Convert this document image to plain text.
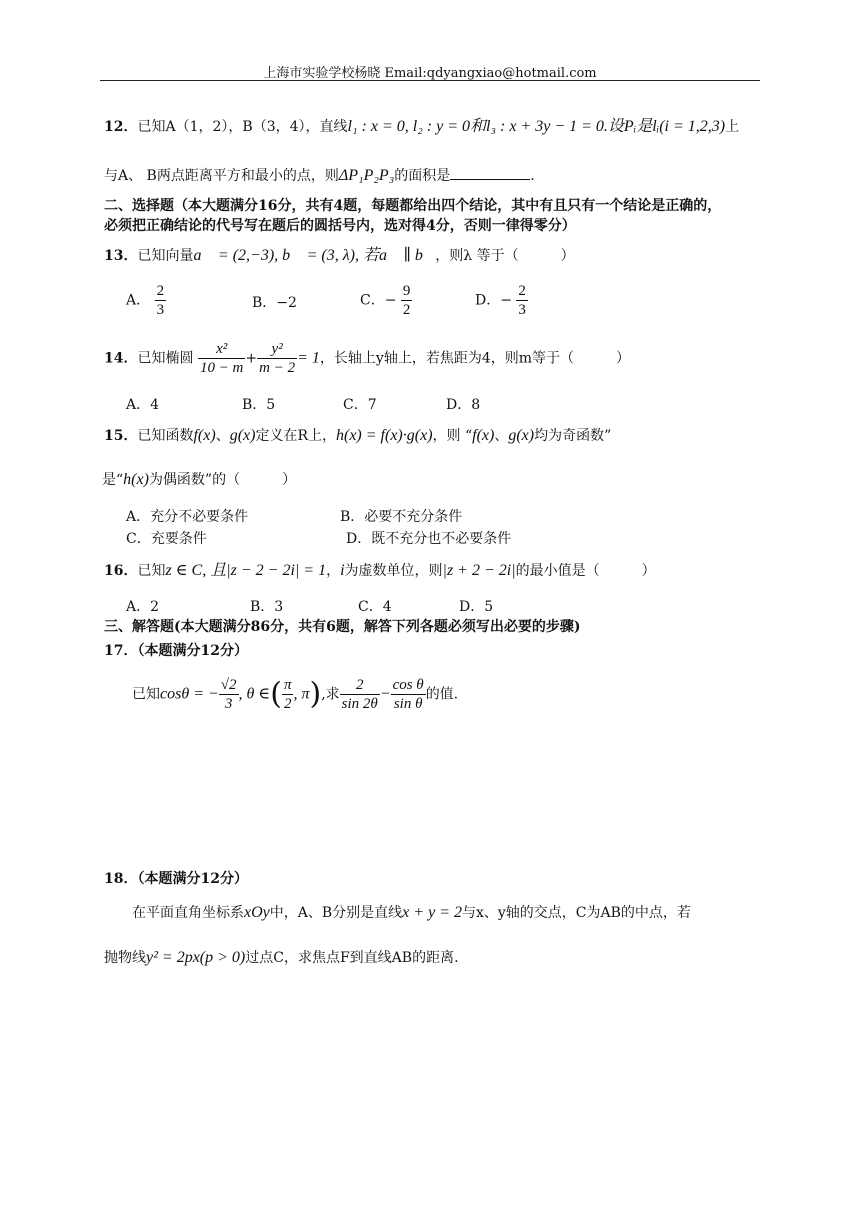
上海市实验学校杨晓 Email:qdyangxiao@hotmail.com
12．已知A（1，2），B（3，4），直线l₁ : x = 0, l₂ : y = 0和l₃ : x + 3y − 1 = 0.设Pᵢ是lᵢ(i = 1,2,3)上
与A、 B两点距离平方和最小的点，则ΔP₁P₂P₃的面积是	.
二、选择题（本大题满分16分，共有4题，每题都给出四个结论，其中有且只有一个结论是正确的，
必须把正确结论的代号写在题后的圆括号内，选对得4分，否则一律得零分）
13．已知向量a⃗ = (2,−3), b⃗ = (3, λ), 若a⃗ ∥ b⃗，则λ 等于（　　　）
A． $\frac{2}{3}$	B．−2	C．− $\frac{9}{2}$	D．− $\frac{2}{3}$
14．已知椭圆 $\frac{\text{x²}}{10 - m} + \frac{\text{y²}}{m - 2} = 1$，长轴上y轴上，若焦距为4，则m等于（　　　）
A．4	B．5	C．7	D．8
15．已知函数f(x)、g(x)定义在R上，h(x) = f(x)·g(x)，则 “f(x)、g(x)均为奇函数”
是“h(x)为偶函数”的（　　　）
A．充分不必要条件	B．必要不充分条件
C．充要条件	D．既不充分也不必要条件
16．已知z ∈ C, 且|z − 2 − 2i| = 1，i为虚数单位，则|z + 2 − 2i|的最小值是（　　　）
A．2	B．3	C．4	D．5
三、解答题(本大题满分86分，共有6题，解答下列各题必须写出必要的步骤)
17．（本题满分12分）
已知cosθ = − $\frac{√2}{3}$ , θ ∈( $\frac{\pi}{2}$ , π),求 $\frac{2}{\sin 2\theta} - \frac{\text{cos θ}}{\text{sin θ}}$ 的值.
18．（本题满分12分）
在平面直角坐标系xOy中，A、B分别是直线x + y = 2与x、y轴的交点，C为AB的中点，若
抛物线y² = 2px(p > 0)过点C，求焦点F到直线AB的距离.
